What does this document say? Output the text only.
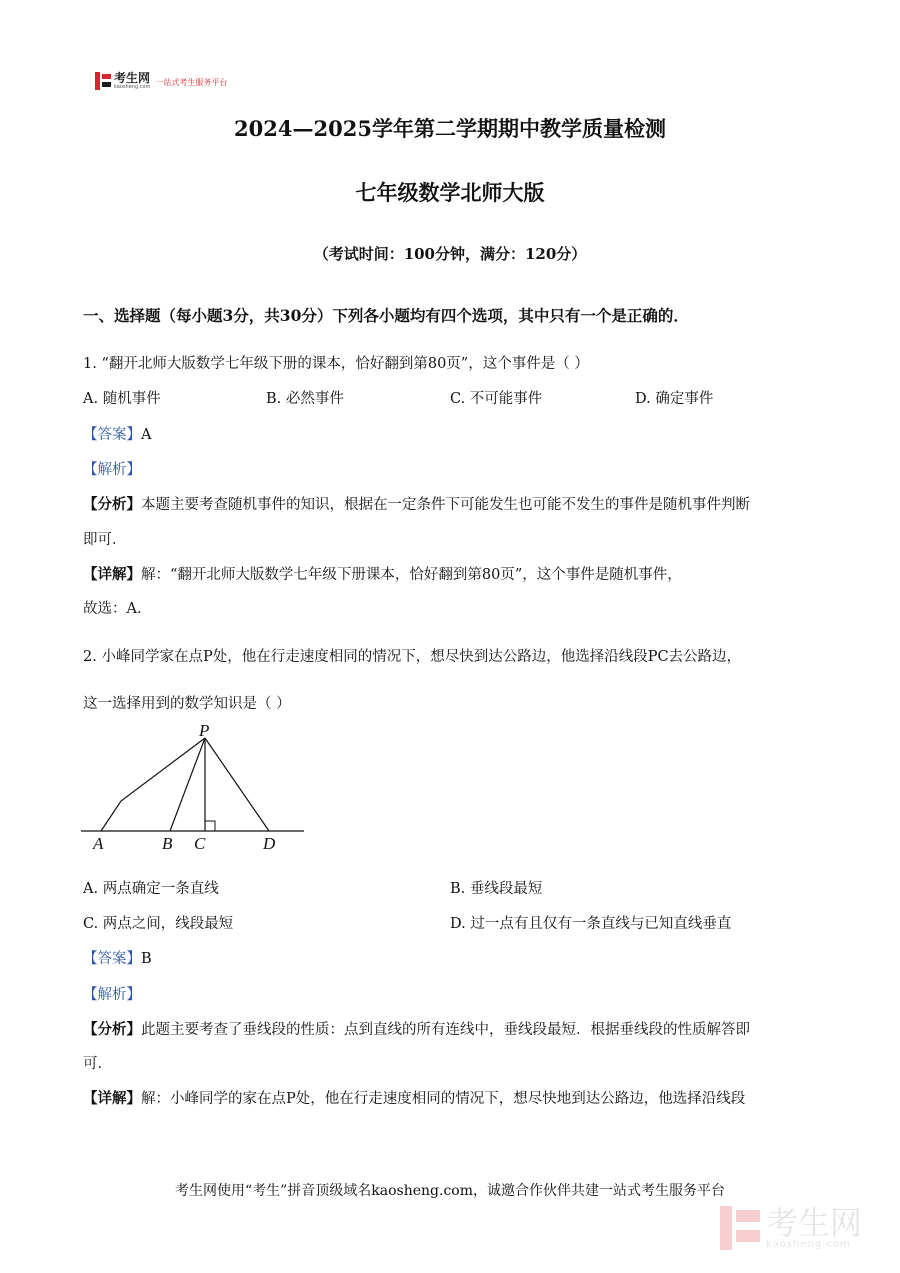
考生网
kaosheng.com 一站式考生服务平台
2024—2025学年第二学期期中教学质量检测
七年级数学北师大版
（考试时间：100分钟，满分：120分）
一、选择题（每小题3分，共30分）下列各小题均有四个选项，其中只有一个是正确的．
1. “翻开北师大版数学七年级下册的课本，恰好翻到第80页”，这个事件是（ ）
A. 随机事件	B. 必然事件	C. 不可能事件	D. 确定事件
【答案】A
【解析】
【分析】本题主要考查随机事件的知识，根据在一定条件下可能发生也可能不发生的事件是随机事件判断
即可．
【详解】解：“翻开北师大版数学七年级下册课本，恰好翻到第80页”，这个事件是随机事件，
故选：A．
2. 小峰同学家在点P处，他在行走速度相同的情况下，想尽快到达公路边，他选择沿线段PC去公路边，
这一选择用到的数学知识是（ ）
P
A	B C	D
A. 两点确定一条直线	B. 垂线段最短
C. 两点之间，线段最短	D. 过一点有且仅有一条直线与已知直线垂直
【答案】B
【解析】
【分析】此题主要考查了垂线段的性质：点到直线的所有连线中，垂线段最短．根据垂线段的性质解答即
可．
【详解】解：小峰同学的家在点P处，他在行走速度相同的情况下，想尽快地到达公路边，他选择沿线段
考生网使用“考生”拼音顶级域名kaosheng.com，诚邀合作伙伴共建一站式考生服务平台
考生网
kaosheng.com
